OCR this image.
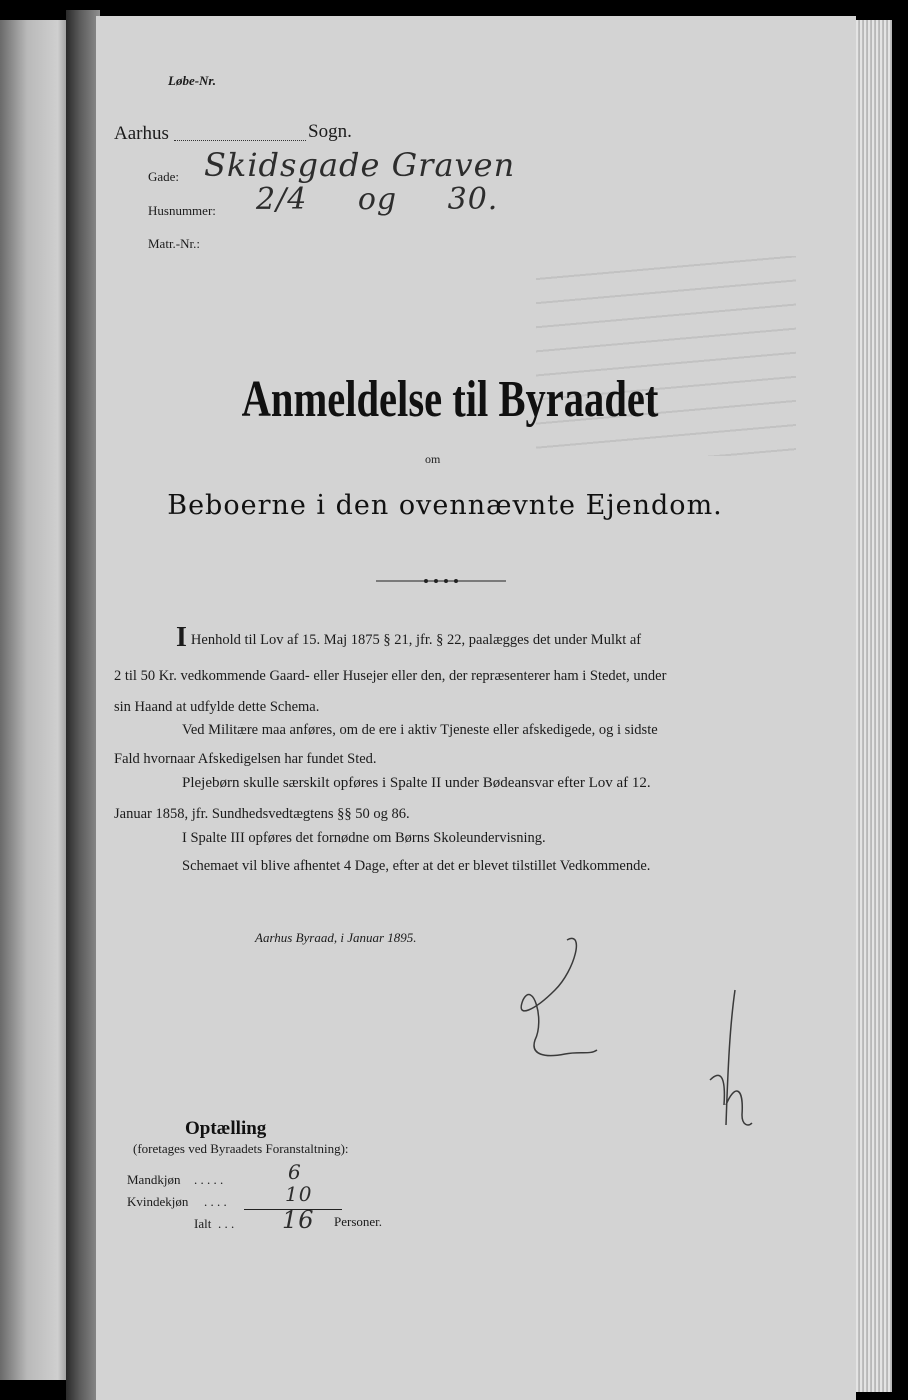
Løbe-Nr.
Aarhus	Sogn.
Gade: Skidsgade Graven
Husnummer: 2/4 og 30.
Matr.-Nr.:
Anmeldelse til Byraadet
om
Beboerne i den ovennævnte Ejendom.
I Henhold til Lov af 15. Maj 1875 § 21, jfr. § 22, paalægges det under Mulkt af
2 til 50 Kr. vedkommende Gaard- eller Husejer eller den, der repræsenterer ham i Stedet, under
sin Haand at udfylde dette Schema.
Ved Militære maa anføres, om de ere i aktiv Tjeneste eller afskedigede, og i sidste
Fald hvornaar Afskedigelsen har fundet Sted.
Plejebørn skulle særskilt opføres i Spalte II under Bødeansvar efter Lov af 12.
Januar 1858, jfr. Sundhedsvedtægtens §§ 50 og 86.
I Spalte III opføres det fornødne om Børns Skoleundervisning.
Schemaet vil blive afhentet 4 Dage, efter at det er blevet tilstillet Vedkommende.
Aarhus Byraad, i Januar 1895.
Optælling
(foretages ved Byraadets Foranstaltning):
Mandkjøn . . . . .	6
Kvindekjøn . . . .	10
Ialt . . . 16 Personer.
